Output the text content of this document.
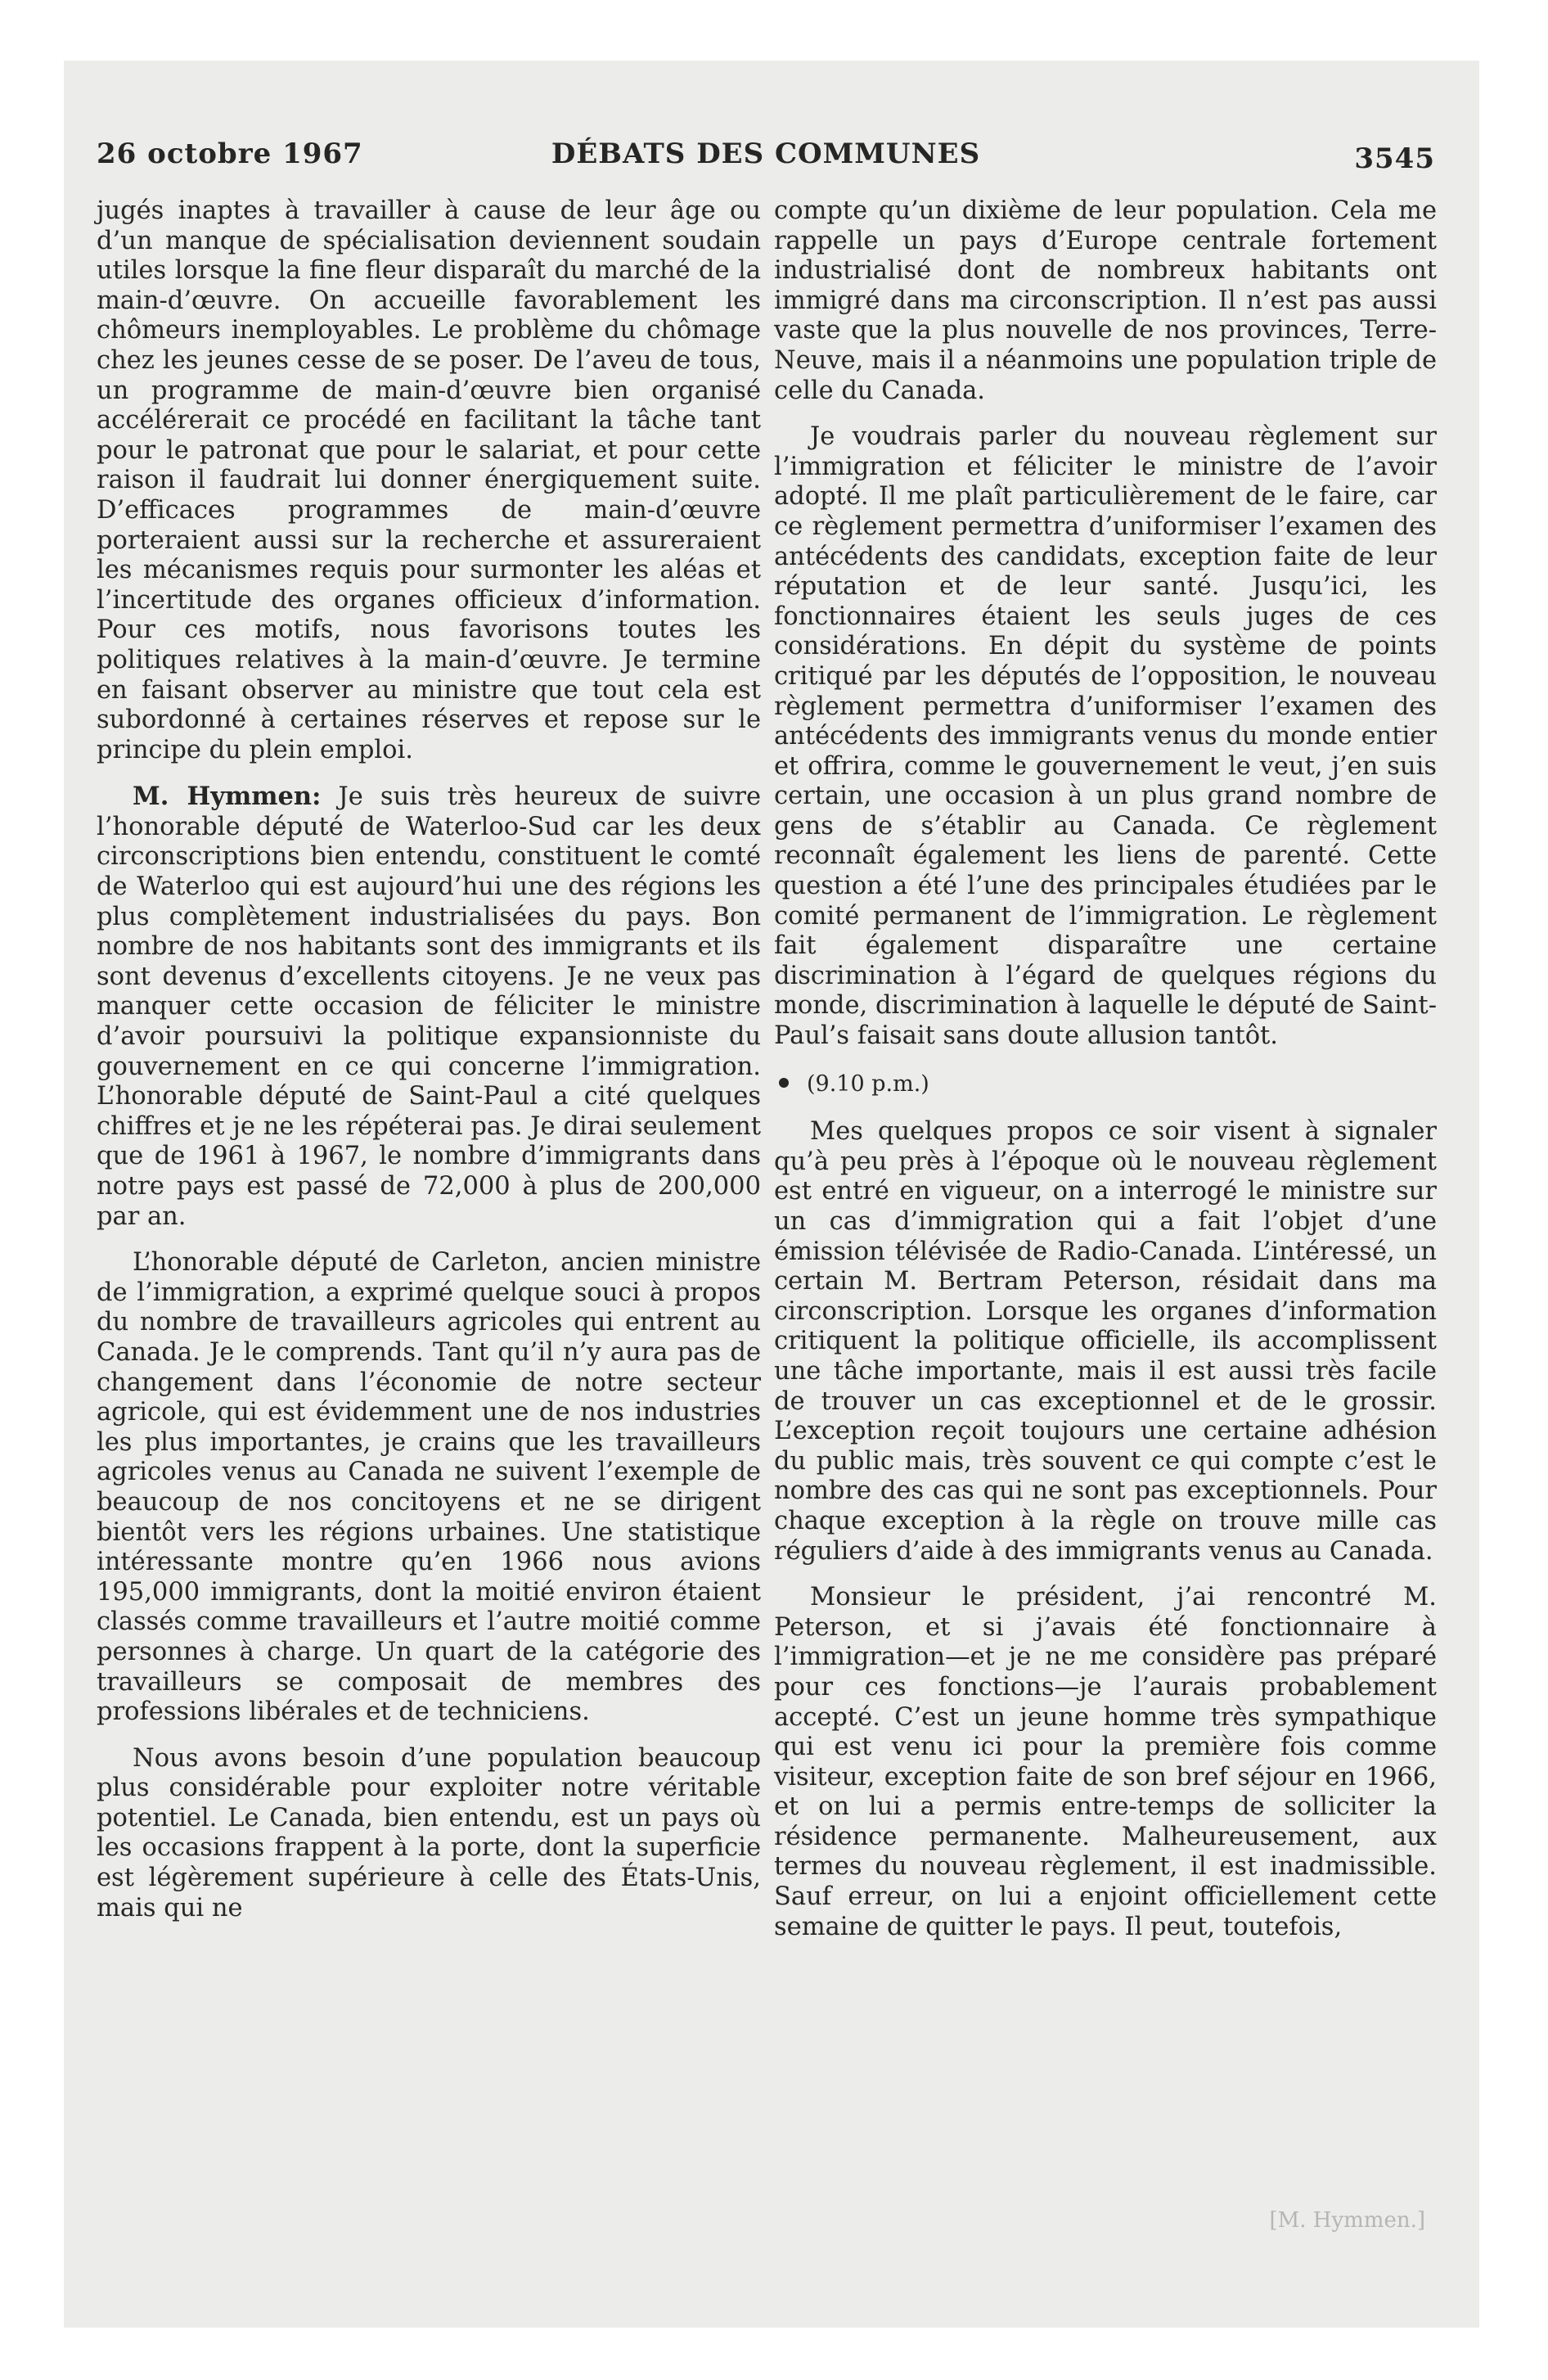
26 octobre 1967	DÉBATS DES COMMUNES	3545

jugés inaptes à travailler à cause de leur âge ou d’un manque de spécialisation deviennent soudain utiles lorsque la fine fleur disparaît du marché de la main-d’œuvre. On accueille favorablement les chômeurs inemployables. Le problème du chômage chez les jeunes cesse de se poser. De l’aveu de tous, un programme de main-d’œuvre bien organisé accélérerait ce procédé en facilitant la tâche tant pour le patronat que pour le salariat, et pour cette raison il faudrait lui donner énergiquement suite. D’efficaces programmes de main-d’œuvre porteraient aussi sur la recherche et assureraient les mécanismes requis pour surmonter les aléas et l’incertitude des organes officieux d’information. Pour ces motifs, nous favorisons toutes les politiques relatives à la main-d’œuvre. Je termine en faisant observer au ministre que tout cela est subordonné à certaines réserves et repose sur le principe du plein emploi.

M. Hymmen: Je suis très heureux de suivre l’honorable député de Waterloo-Sud car les deux circonscriptions bien entendu, constituent le comté de Waterloo qui est aujourd’hui une des régions les plus complètement industrialisées du pays. Bon nombre de nos habitants sont des immigrants et ils sont devenus d’excellents citoyens. Je ne veux pas manquer cette occasion de féliciter le ministre d’avoir poursuivi la politique expansionniste du gouvernement en ce qui concerne l’immigration. L’honorable député de Saint-Paul a cité quelques chiffres et je ne les répéterai pas. Je dirai seulement que de 1961 à 1967, le nombre d’immigrants dans notre pays est passé de 72,000 à plus de 200,000 par an.

L’honorable député de Carleton, ancien ministre de l’immigration, a exprimé quelque souci à propos du nombre de travailleurs agricoles qui entrent au Canada. Je le comprends. Tant qu’il n’y aura pas de changement dans l’économie de notre secteur agricole, qui est évidemment une de nos industries les plus importantes, je crains que les travailleurs agricoles venus au Canada ne suivent l’exemple de beaucoup de nos concitoyens et ne se dirigent bientôt vers les régions urbaines. Une statistique intéressante montre qu’en 1966 nous avions 195,000 immigrants, dont la moitié environ étaient classés comme travailleurs et l’autre moitié comme personnes à charge. Un quart de la catégorie des travailleurs se composait de membres des professions libérales et de techniciens.

Nous avons besoin d’une population beaucoup plus considérable pour exploiter notre véritable potentiel. Le Canada, bien entendu, est un pays où les occasions frappent à la porte, dont la superficie est légèrement supérieure à celle des États-Unis, mais qui ne

compte qu’un dixième de leur population. Cela me rappelle un pays d’Europe centrale fortement industrialisé dont de nombreux habitants ont immigré dans ma circonscription. Il n’est pas aussi vaste que la plus nouvelle de nos provinces, Terre-Neuve, mais il a néanmoins une population triple de celle du Canada.

Je voudrais parler du nouveau règlement sur l’immigration et féliciter le ministre de l’avoir adopté. Il me plaît particulièrement de le faire, car ce règlement permettra d’uniformiser l’examen des antécédents des candidats, exception faite de leur réputation et de leur santé. Jusqu’ici, les fonctionnaires étaient les seuls juges de ces considérations. En dépit du système de points critiqué par les députés de l’opposition, le nouveau règlement permettra d’uniformiser l’examen des antécédents des immigrants venus du monde entier et offrira, comme le gouvernement le veut, j’en suis certain, une occasion à un plus grand nombre de gens de s’établir au Canada. Ce règlement reconnaît également les liens de parenté. Cette question a été l’une des principales étudiées par le comité permanent de l’immigration. Le règlement fait également disparaître une certaine discrimination à l’égard de quelques régions du monde, discrimination à laquelle le député de Saint-Paul’s faisait sans doute allusion tantôt.

(9.10 p.m.)

Mes quelques propos ce soir visent à signaler qu’à peu près à l’époque où le nouveau règlement est entré en vigueur, on a interrogé le ministre sur un cas d’immigration qui a fait l’objet d’une émission télévisée de Radio-Canada. L’intéressé, un certain M. Bertram Peterson, résidait dans ma circonscription. Lorsque les organes d’information critiquent la politique officielle, ils accomplissent une tâche importante, mais il est aussi très facile de trouver un cas exceptionnel et de le grossir. L’exception reçoit toujours une certaine adhésion du public mais, très souvent ce qui compte c’est le nombre des cas qui ne sont pas exceptionnels. Pour chaque exception à la règle on trouve mille cas réguliers d’aide à des immigrants venus au Canada.

Monsieur le président, j’ai rencontré M. Peterson, et si j’avais été fonctionnaire à l’immigration—et je ne me considère pas préparé pour ces fonctions—je l’aurais probablement accepté. C’est un jeune homme très sympathique qui est venu ici pour la première fois comme visiteur, exception faite de son bref séjour en 1966, et on lui a permis entre-temps de solliciter la résidence permanente. Malheureusement, aux termes du nouveau règlement, il est inadmissible. Sauf erreur, on lui a enjoint officiellement cette semaine de quitter le pays. Il peut, toutefois,

[M. Hymmen.]
